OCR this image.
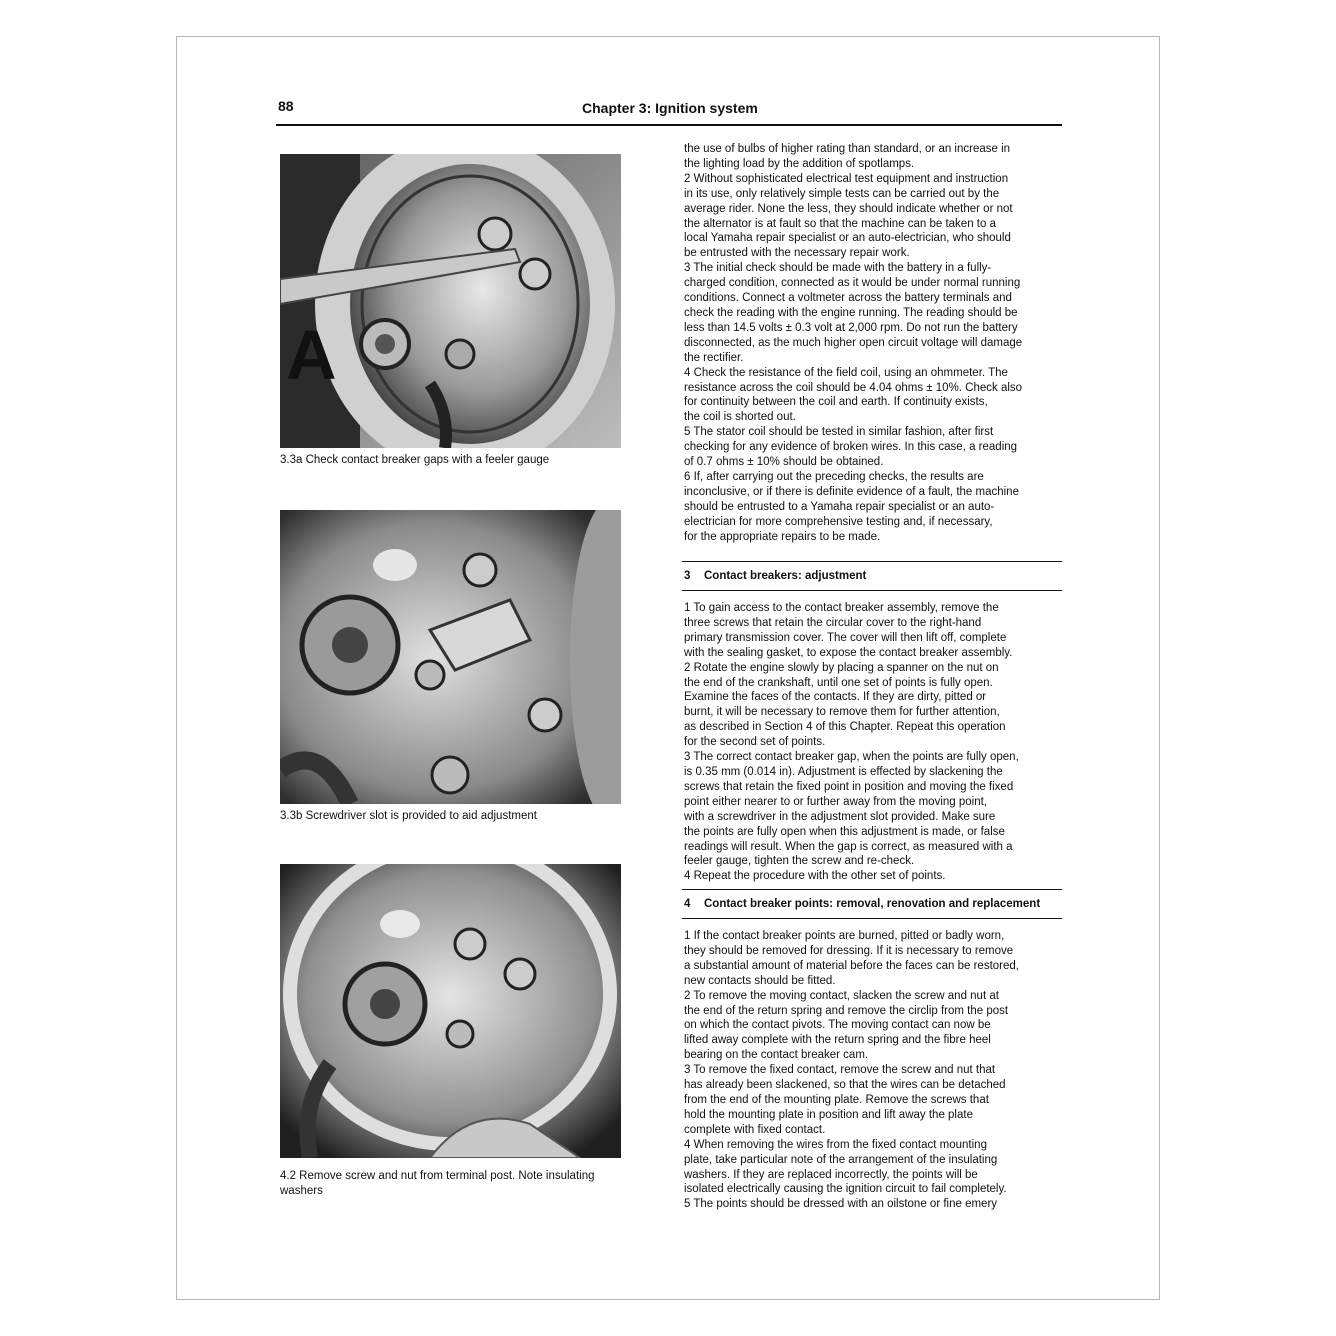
88	Chapter 3: Ignition system
A
3.3a Check contact breaker gaps with a feeler gauge
3.3b Screwdriver slot is provided to aid adjustment
4.2 Remove screw and nut from terminal post. Note insulating
washers

the use of bulbs of higher rating than standard, or an increase in

the lighting load by the addition of spotlamps.

2 Without sophisticated electrical test equipment and instruction

in its use, only relatively simple tests can be carried out by the

average rider. None the less, they should indicate whether or not

the alternator is at fault so that the machine can be taken to a

local Yamaha repair specialist or an auto-electrician, who should

be entrusted with the necessary repair work.

3 The initial check should be made with the battery in a fully-

charged condition, connected as it would be under normal running

conditions. Connect a voltmeter across the battery terminals and

check the reading with the engine running. The reading should be

less than 14.5 volts ± 0.3 volt at 2,000 rpm. Do not run the battery

disconnected, as the much higher open circuit voltage will damage

the rectifier.

4 Check the resistance of the field coil, using an ohmmeter. The

resistance across the coil should be 4.04 ohms ± 10%. Check also

for continuity between the coil and earth. If continuity exists,

the coil is shorted out.

5 The stator coil should be tested in similar fashion, after first

checking for any evidence of broken wires. In this case, a reading

of 0.7 ohms ± 10% should be obtained.

6 If, after carrying out the preceding checks, the results are

inconclusive, or if there is definite evidence of a fault, the machine

should be entrusted to a Yamaha repair specialist or an auto-

electrician for more comprehensive testing and, if necessary,

for the appropriate repairs to be made.

3 Contact breakers: adjustment

1 To gain access to the contact breaker assembly, remove the

three screws that retain the circular cover to the right-hand

primary transmission cover. The cover will then lift off, complete

with the sealing gasket, to expose the contact breaker assembly.

2 Rotate the engine slowly by placing a spanner on the nut on

the end of the crankshaft, until one set of points is fully open.

Examine the faces of the contacts. If they are dirty, pitted or

burnt, it will be necessary to remove them for further attention,

as described in Section 4 of this Chapter. Repeat this operation

for the second set of points.

3 The correct contact breaker gap, when the points are fully open,

is 0.35 mm (0.014 in). Adjustment is effected by slackening the

screws that retain the fixed point in position and moving the fixed

point either nearer to or further away from the moving point,

with a screwdriver in the adjustment slot provided. Make sure

the points are fully open when this adjustment is made, or false

readings will result. When the gap is correct, as measured with a

feeler gauge, tighten the screw and re-check.

4 Repeat the procedure with the other set of points.

4 Contact breaker points: removal, renovation and replacement

1 If the contact breaker points are burned, pitted or badly worn,

they should be removed for dressing. If it is necessary to remove

a substantial amount of material before the faces can be restored,

new contacts should be fitted.

2 To remove the moving contact, slacken the screw and nut at

the end of the return spring and remove the circlip from the post

on which the contact pivots. The moving contact can now be

lifted away complete with the return spring and the fibre heel

bearing on the contact breaker cam.

3 To remove the fixed contact, remove the screw and nut that

has already been slackened, so that the wires can be detached

from the end of the mounting plate. Remove the screws that

hold the mounting plate in position and lift away the plate

complete with fixed contact.

4 When removing the wires from the fixed contact mounting

plate, take particular note of the arrangement of the insulating

washers. If they are replaced incorrectly, the points will be

isolated electrically causing the ignition circuit to fail completely.

5 The points should be dressed with an oilstone or fine emery
